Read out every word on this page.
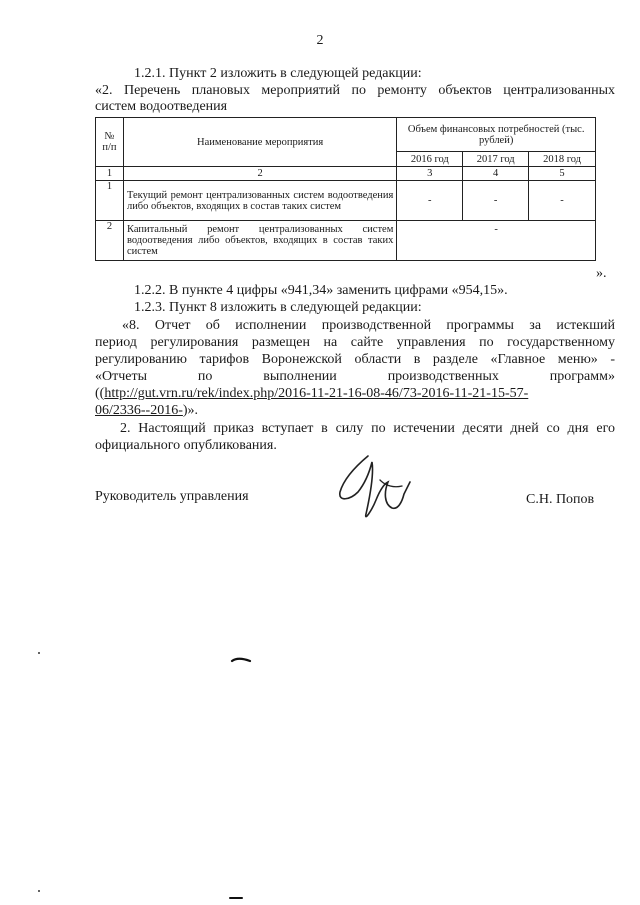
2
1.2.1. Пункт 2 изложить в следующей редакции:
«2. Перечень плановых мероприятий по ремонту объектов централизованных
систем водоотведения
№ п/п	Наименование мероприятия	Объем финансовых потребностей (тыс. рублей)		
		2016 год	2017 год	2018 год
1	2	3	4	5
1	Текущий ремонт централизованных систем водоотведения либо объектов, входящих в состав таких систем	-	-	-
2	Капитальный ремонт централизованных систем водоотведения либо объектов, входящих в состав таких систем	-		
».
1.2.2. В пункте 4 цифры «941,34» заменить цифрами «954,15».
1.2.3. Пункт 8 изложить в следующей редакции:
«8. Отчет об исполнении производственной программы за истекший
период регулирования размещен на сайте управления по государственному
регулированию тарифов Воронежской области в разделе «Главное меню» -
«Отчеты	по	выполнении	производственных	программ»
((http://gut.vrn.ru/rek/index.php/2016-11-21-16-08-46/73-2016-11-21-15-57-
06/2336--2016-)».
2. Настоящий приказ вступает в силу по истечении десяти дней со дня его
официального опубликования.
Руководитель управления	С.Н. Попов
